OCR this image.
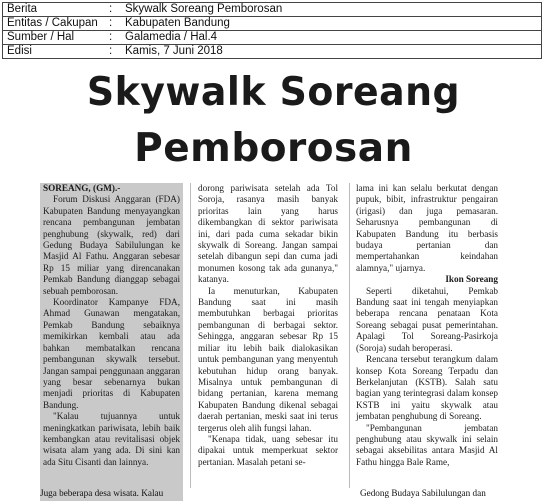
Berita	:	Skywalk Soreang Pemborosan
Entitas / Cakupan	:	Kabupaten Bandung
Sumber / Hal	:	Galamedia / Hal.4
Edisi	:	Kamis, 7 Juni 2018
Skywalk Soreang
Pemborosan

SOREANG, (GM).-

Forum Diskusi Anggaran (FDA) Kabupaten Bandung menyayangkan rencana pembangunan jembatan penghubung (skywalk, red) dari Gedung Budaya Sabilulungan ke Masjid Al Fathu. Anggaran sebesar Rp 15 miliar yang direncanakan Pemkab Bandung dianggap sebagai sebuah pemborosan.

Koordinator Kampanye FDA, Ahmad Gunawan mengatakan, Pemkab Bandung sebaiknya memikirkan kembali atau ada bahkan membatalkan rencana pembangunan skywalk tersebut. Jangan sampai penggunaan anggaran yang besar sebenarnya bukan menjadi prioritas di Kabupaten Bandung.

"Kalau tujuannya untuk meningkatkan pariwisata, lebih baik kembangkan atau revitalisasi objek wisata alam yang ada. Di sini kan ada Situ Cisanti dan lainnya.

dorong pariwisata setelah ada Tol Soroja, rasanya masih banyak prioritas lain yang harus dikembangkan di sektor pariwisata ini, dari pada cuma sekadar bikin skywalk di Soreang. Jangan sampai setelah dibangun sepi dan cuma jadi monumen kosong tak ada gunanya," katanya.

Ia menuturkan, Kabupaten Bandung saat ini masih membutuhkan berbagai prioritas pembangunan di berbagai sektor. Sehingga, anggaran sebesar Rp 15 miliar itu lebih baik dialokasikan untuk pembangunan yang menyentuh kebutuhan hidup orang banyak. Misalnya untuk pembangunan di bidang pertanian, karena memang Kabupaten Bandung dikenal sebagai daerah pertanian, meski saat ini terus tergerus oleh alih fungsi lahan.

"Kenapa tidak, uang sebesar itu dipakai untuk memperkuat sektor pertanian. Masalah petani se-

lama ini kan selalu berkutat dengan pupuk, bibit, infrastruktur pengairan (irigasi) dan juga pemasaran. Seharusnya pembangunan di Kabupaten Bandung itu berbasis budaya pertanian dan mempertahankan keindahan alamnya," ujarnya.

Ikon Soreang

Seperti diketahui, Pemkab Bandung saat ini tengah menyiapkan beberapa rencana penataan Kota Soreang sebagai pusat pemerintahan. Apalagi Tol Soreang-Pasirkoja (Soroja) sudah beroperasi.

Rencana tersebut terangkum dalam konsep Kota Soreang Terpadu dan Berkelanjutan (KSTB). Salah satu bagian yang terintegrasi dalam konsep KSTB ini yaitu skywalk atau jembatan penghubung di Soreang.

"Pembangunan jembatan penghubung atau skywalk ini selain sebagai aksebilitas antara Masjid Al Fathu hingga Bale Rame,

Juga beberapa desa wisata. Kalau	Gedong Budaya Sabilulungan dan
